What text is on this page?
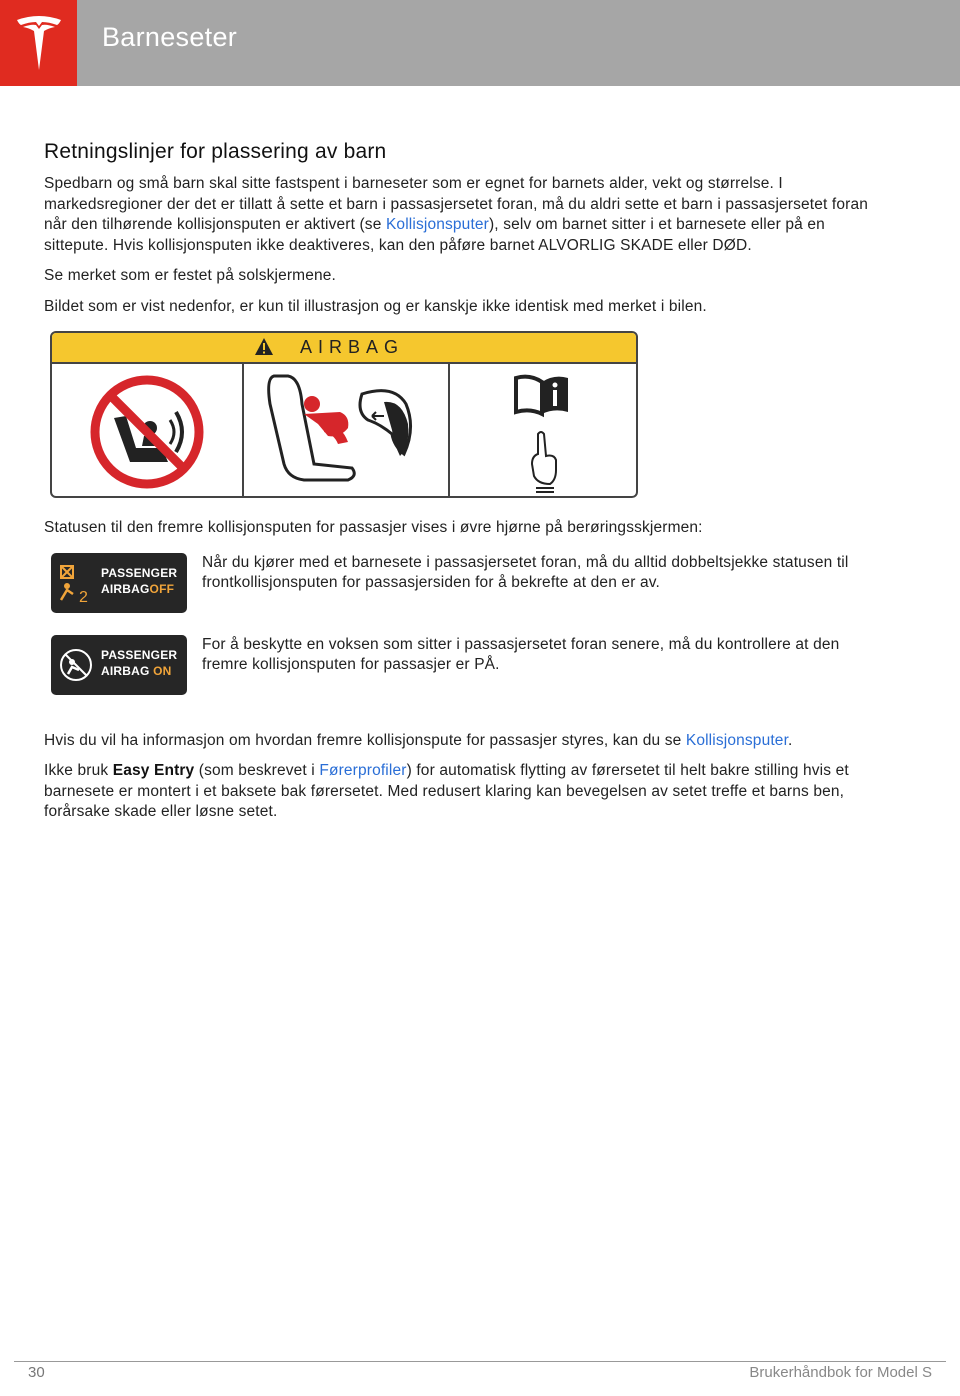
Barneseter
Retningslinjer for plassering av barn

Spedbarn og små barn skal sitte fastspent i barneseter som er egnet for barnets alder, vekt og størrelse. I markedsregioner der det er tillatt å sette et barn i passasjersetet foran, må du aldri sette et barn i passasjersetet foran når den tilhørende kollisjonsputen er aktivert (se Kollisjonsputer), selv om barnet sitter i et barnesete eller på en sittepute. Hvis kollisjonsputen ikke deaktiveres, kan den påføre barnet ALVORLIG SKADE eller DØD.

Se merket som er festet på solskjermene.

Bildet som er vist nedenfor, er kun til illustrasjon og er kanskje ikke identisk med merket i bilen.

AIRBAG

Statusen til den fremre kollisjonsputen for passasjer vises i øvre hjørne på berøringsskjermen:

2
PASSENGER
AIRBAGOFF
Når du kjører med et barnesete i passasjersetet foran, må du alltid dobbeltsjekke statusen til frontkollisjonsputen for passasjersiden for å bekrefte at den er av.
PASSENGER
AIRBAG ON
For å beskytte en voksen som sitter i passasjersetet foran senere, må du kontrollere at den fremre kollisjonsputen for passasjer er PÅ.

Hvis du vil ha informasjon om hvordan fremre kollisjonspute for passasjer styres, kan du se Kollisjonsputer.

Ikke bruk Easy Entry (som beskrevet i Førerprofiler) for automatisk flytting av førersetet til helt bakre stilling hvis et barnesete er montert i et baksete bak førersetet. Med redusert klaring kan bevegelsen av setet treffe et barns ben, forårsake skade eller løsne setet.

30	Brukerhåndbok for Model S
